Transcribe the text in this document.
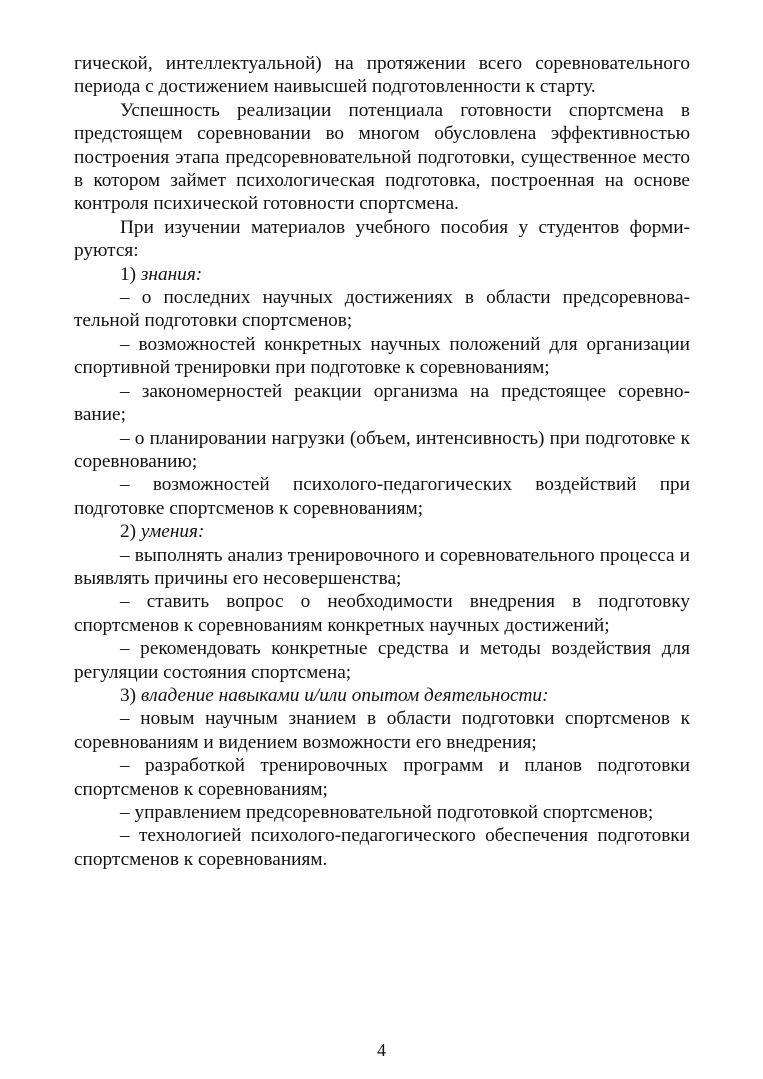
гической, интеллектуальной) на протяжении всего соревновательного периода с достижением наивысшей подготовленности к старту.

Успешность реализации потенциала готовности спортсмена в предстоящем соревновании во многом обусловлена эффективностью построения этапа предсоревновательной подготовки, существенное место в котором займет психологическая подготовка, построенная на основе контроля психической готовности спортсмена.

При изучении материалов учебного пособия у студентов формируются:

1) знания:

– о последних научных достижениях в области предсоревновательной подготовки спортсменов;

– возможностей конкретных научных положений для организации спортивной тренировки при подготовке к соревнованиям;

– закономерностей реакции организма на предстоящее соревнование;

– о планировании нагрузки (объем, интенсивность) при подготовке к соревнованию;

– возможностей психолого-педагогических воздействий при подготовке спортсменов к соревнованиям;

2) умения:

– выполнять анализ тренировочного и соревновательного процесса и выявлять причины его несовершенства;

– ставить вопрос о необходимости внедрения в подготовку спортсменов к соревнованиям конкретных научных достижений;

– рекомендовать конкретные средства и методы воздействия для регуляции состояния спортсмена;

3) владение навыками и/или опытом деятельности:

– новым научным знанием в области подготовки спортсменов к соревнованиям и видением возможности его внедрения;

– разработкой тренировочных программ и планов подготовки спортсменов к соревнованиям;

– управлением предсоревновательной подготовкой спортсменов;

– технологией психолого-педагогического обеспечения подготовки спортсменов к соревнованиям.

4
